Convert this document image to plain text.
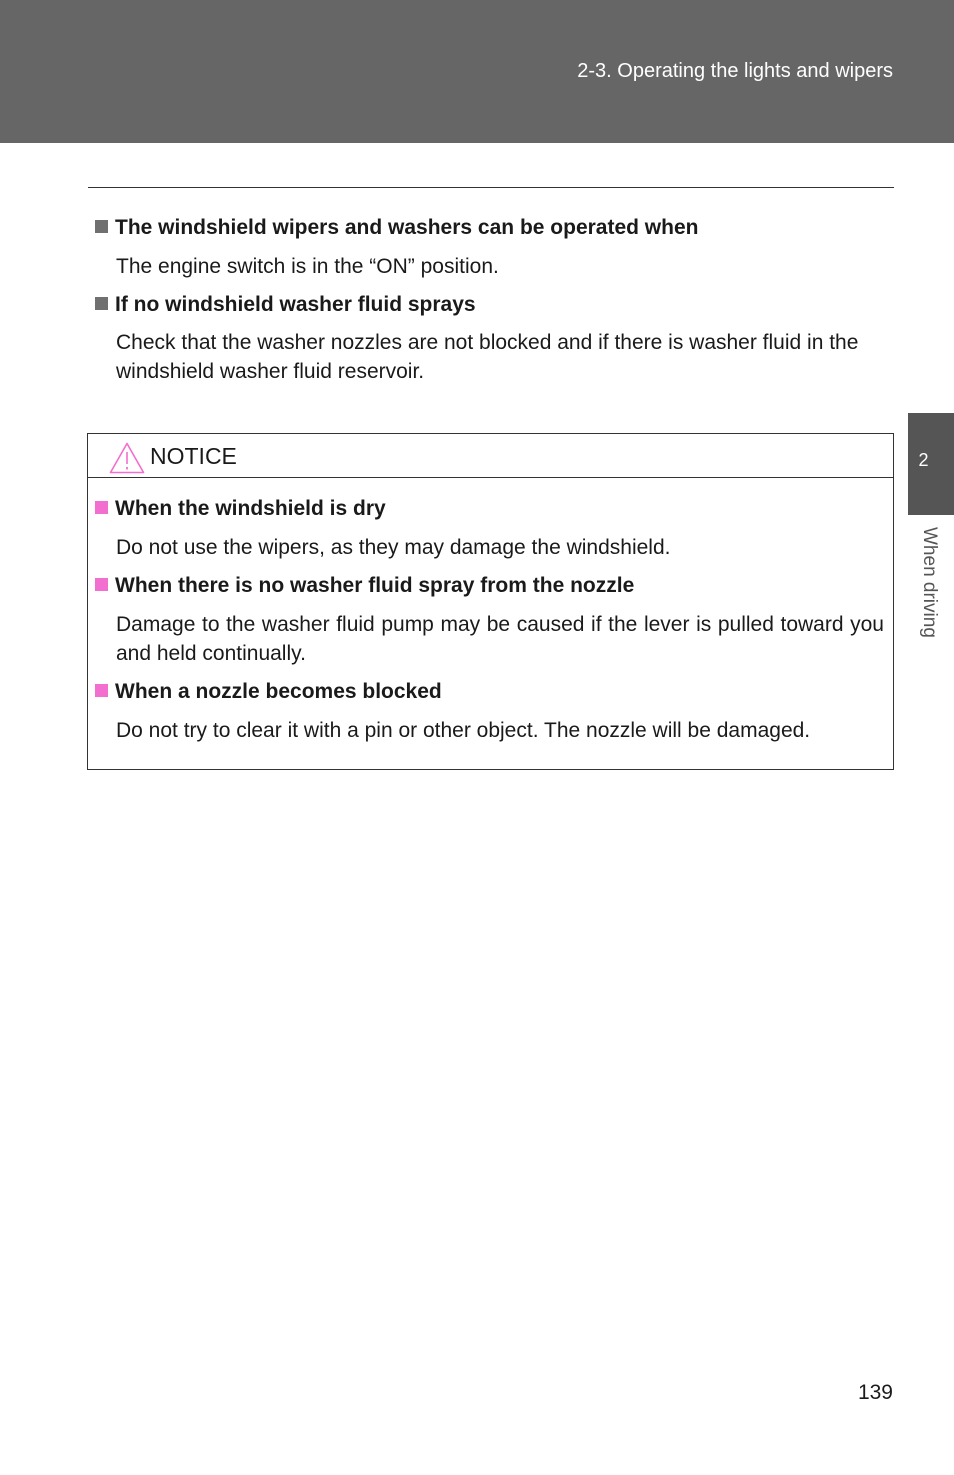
2-3. Operating the lights and wipers
2
When driving
The windshield wipers and washers can be operated when
The engine switch is in the “ON” position.
If no windshield washer fluid sprays
Check that the washer nozzles are not blocked and if there is washer fluid in the windshield washer fluid reservoir.
NOTICE
When the windshield is dry
Do not use the wipers, as they may damage the windshield.
When there is no washer fluid spray from the nozzle
Damage to the washer fluid pump may be caused if the lever is pulled toward you and held continually.
When a nozzle becomes blocked
Do not try to clear it with a pin or other object. The nozzle will be damaged.
139
